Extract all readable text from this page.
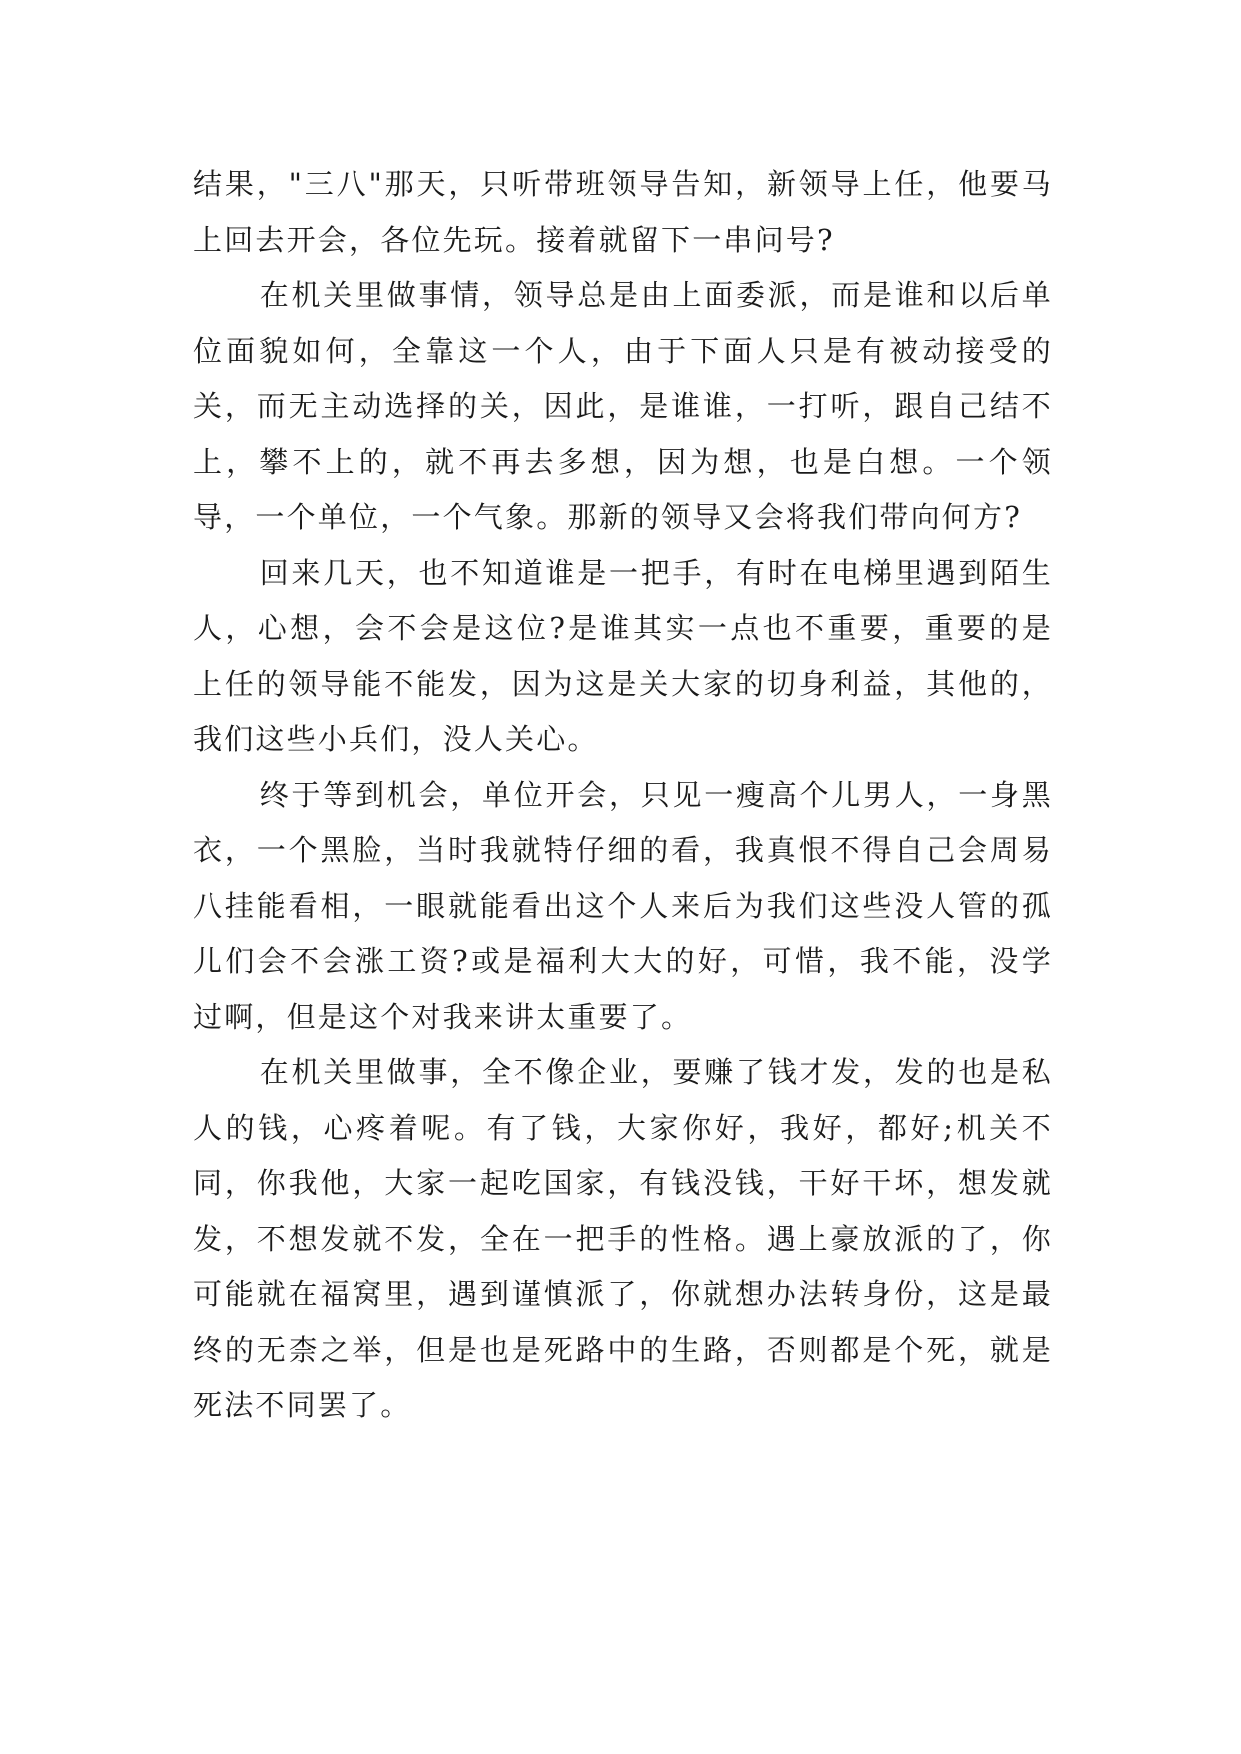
结果，"三八"那天，只听带班领导告知，新领导上任，他要马上回去开会，各位先玩。接着就留下一串问号?

在机关里做事情，领导总是由上面委派，而是谁和以后单位面貌如何，全靠这一个人，由于下面人只是有被动接受的关，而无主动选择的关，因此，是谁谁，一打听，跟自己结不上，攀不上的，就不再去多想，因为想，也是白想。一个领导，一个单位，一个气象。那新的领导又会将我们带向何方?

回来几天，也不知道谁是一把手，有时在电梯里遇到陌生人，心想，会不会是这位?是谁其实一点也不重要，重要的是上任的领导能不能发，因为这是关大家的切身利益，其他的，我们这些小兵们，没人关心。

终于等到机会，单位开会，只见一瘦高个儿男人，一身黑衣，一个黑脸，当时我就特仔细的看，我真恨不得自己会周易八挂能看相，一眼就能看出这个人来后为我们这些没人管的孤儿们会不会涨工资?或是福利大大的好，可惜，我不能，没学过啊，但是这个对我来讲太重要了。

在机关里做事，全不像企业，要赚了钱才发，发的也是私人的钱，心疼着呢。有了钱，大家你好，我好，都好;机关不同，你我他，大家一起吃国家，有钱没钱，干好干坏，想发就发，不想发就不发，全在一把手的性格。遇上豪放派的了，你可能就在福窝里，遇到谨慎派了，你就想办法转身份，这是最终的无柰之举，但是也是死路中的生路，否则都是个死，就是死法不同罢了。
